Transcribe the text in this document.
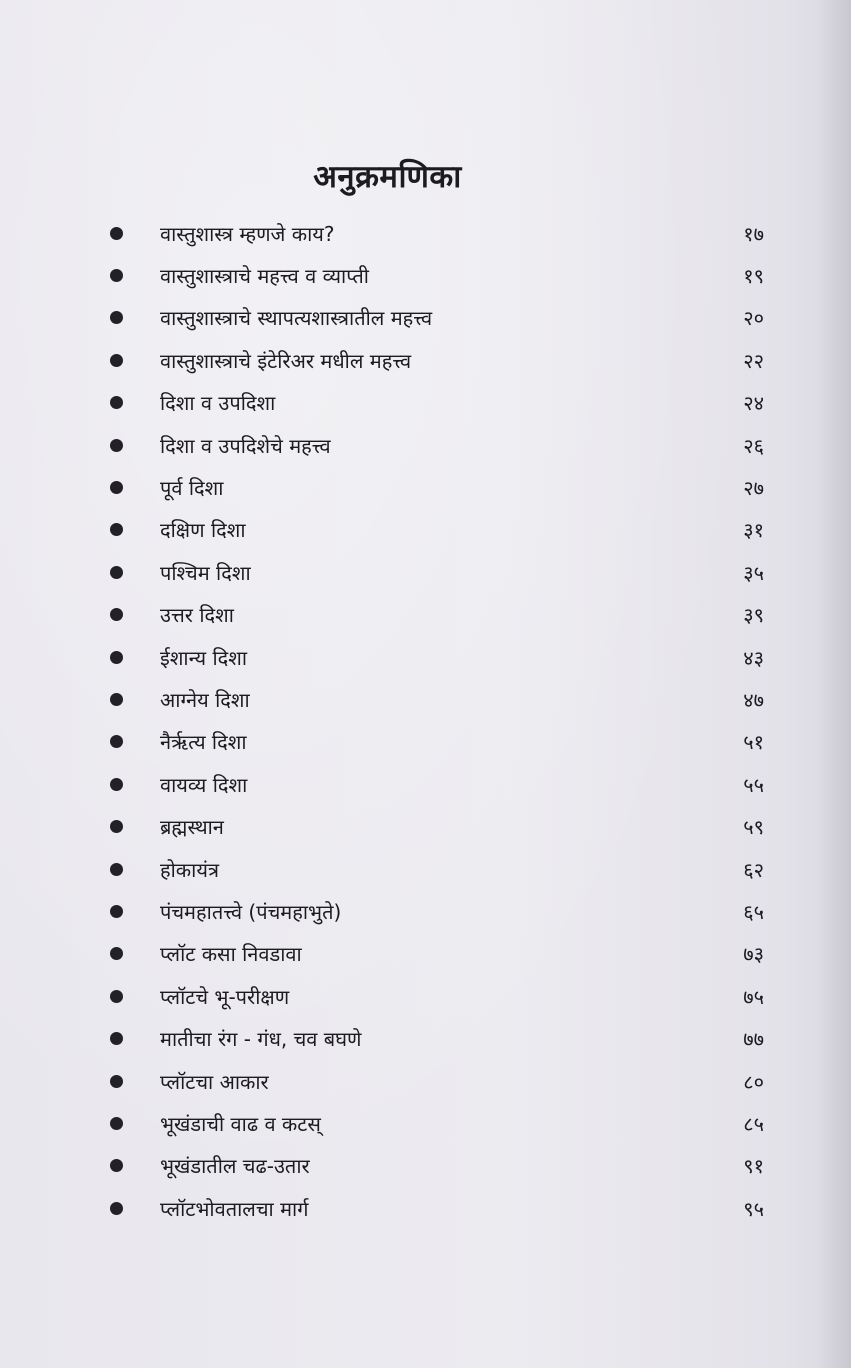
अनुक्रमणिका
वास्तुशास्त्र म्हणजे काय?	१७
वास्तुशास्त्राचे महत्त्व व व्याप्ती	१९
वास्तुशास्त्राचे स्थापत्यशास्त्रातील महत्त्व	२०
वास्तुशास्त्राचे इंटेरिअर मधील महत्त्व	२२
दिशा व उपदिशा	२४
दिशा व उपदिशेचे महत्त्व	२६
पूर्व दिशा	२७
दक्षिण दिशा	३१
पश्चिम दिशा	३५
उत्तर दिशा	३९
ईशान्य दिशा	४३
आग्नेय दिशा	४७
नैर्ऋत्य दिशा	५१
वायव्य दिशा	५५
ब्रह्मस्थान	५९
होकायंत्र	६२
पंचमहातत्त्वे (पंचमहाभुते)	६५
प्लॉट कसा निवडावा	७३
प्लॉटचे भू-परीक्षण	७५
मातीचा रंग - गंध, चव बघणे	७७
प्लॉटचा आकार	८०
भूखंडाची वाढ व कटस्	८५
भूखंडातील चढ-उतार	९१
प्लॉटभोवतालचा मार्ग	९५
